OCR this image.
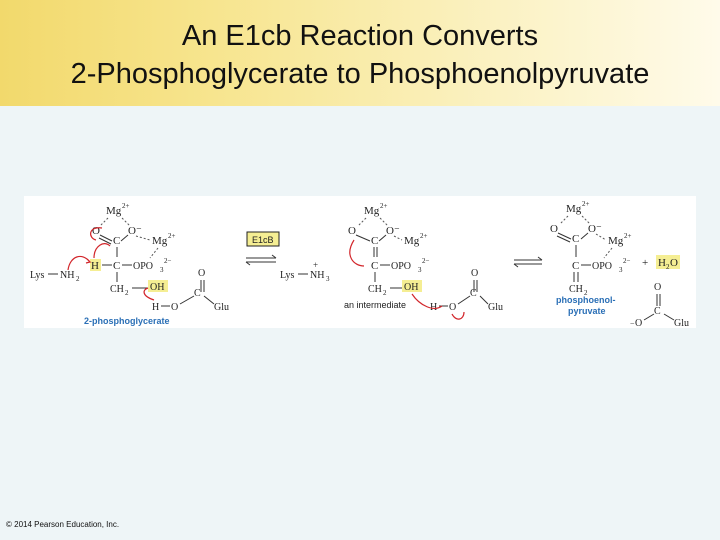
An E1cb Reaction Converts
2-Phosphoglycerate to Phosphoenolpyruvate
Mg 2+
O	O⁻
C	Mg 2+
Lys NH 2
H C OPO 3
2−
CH 2 OH
H O
C
O
Glu
2-phosphoglycerate
E1cB
Lys NH 3
+
Mg 2+
O	O⁻
C Mg 2+
C OPO 3
2−
CH 2 OH
H O
C
O
Glu
an intermediate
Mg 2+
O	O⁻
C	Mg 2+
C OPO 3
2−
CH 2
phosphoenol-
pyruvate
+ H 2 O
O
C
− O	Glu
© 2014 Pearson Education, Inc.
